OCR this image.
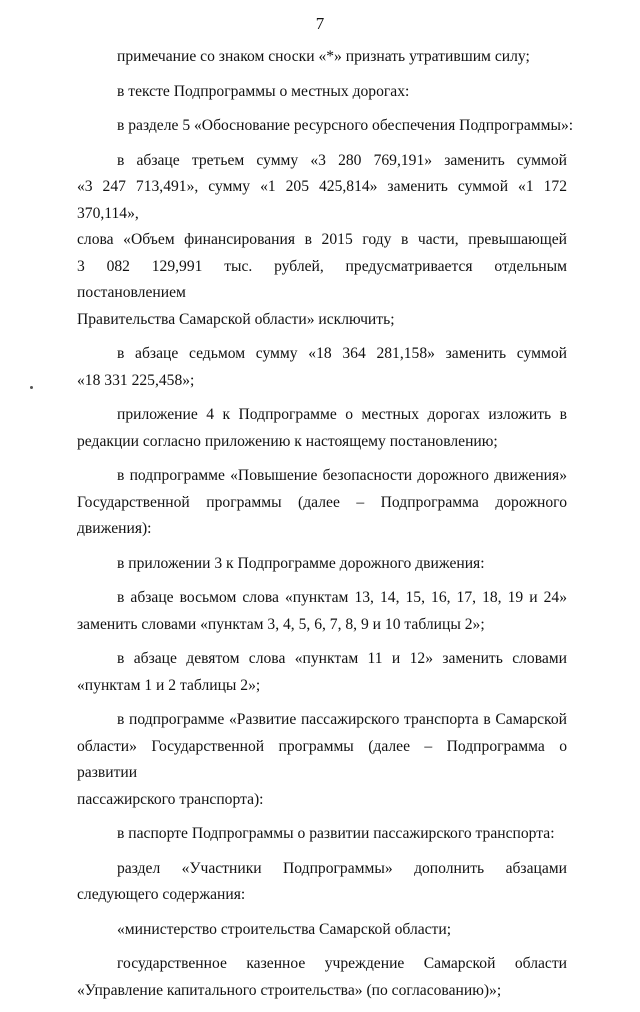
7
примечание со знаком сноски «*» признать утратившим силу;
в тексте Подпрограммы о местных дорогах:
в разделе 5 «Обоснование ресурсного обеспечения Подпрограммы»:
в абзаце третьем сумму «3 280 769,191» заменить суммой
«3 247 713,491», сумму «1 205 425,814» заменить суммой «1 172 370,114»,
слова «Объем финансирования в 2015 году в части, превышающей
3 082 129,991 тыс. рублей, предусматривается отдельным постановлением
Правительства Самарской области» исключить;
в абзаце седьмом сумму «18 364 281,158» заменить суммой
«18 331 225,458»;
приложение 4 к Подпрограмме о местных дорогах изложить в
редакции согласно приложению к настоящему постановлению;
в подпрограмме «Повышение безопасности дорожного движения»
Государственной программы (далее – Подпрограмма дорожного
движения):
в приложении 3 к Подпрограмме дорожного движения:
в абзаце восьмом слова «пунктам 13, 14, 15, 16, 17, 18, 19 и 24»
заменить словами «пунктам 3, 4, 5, 6, 7, 8, 9 и 10 таблицы 2»;
в абзаце девятом слова «пунктам 11 и 12» заменить словами
«пунктам 1 и 2 таблицы 2»;
в подпрограмме «Развитие пассажирского транспорта в Самарской
области» Государственной программы (далее – Подпрограмма о развитии
пассажирского транспорта):
в паспорте Подпрограммы о развитии пассажирского транспорта:
раздел «Участники Подпрограммы» дополнить абзацами
следующего содержания:
«министерство строительства Самарской области;
государственное казенное учреждение Самарской области
«Управление капитального строительства» (по согласованию)»;
